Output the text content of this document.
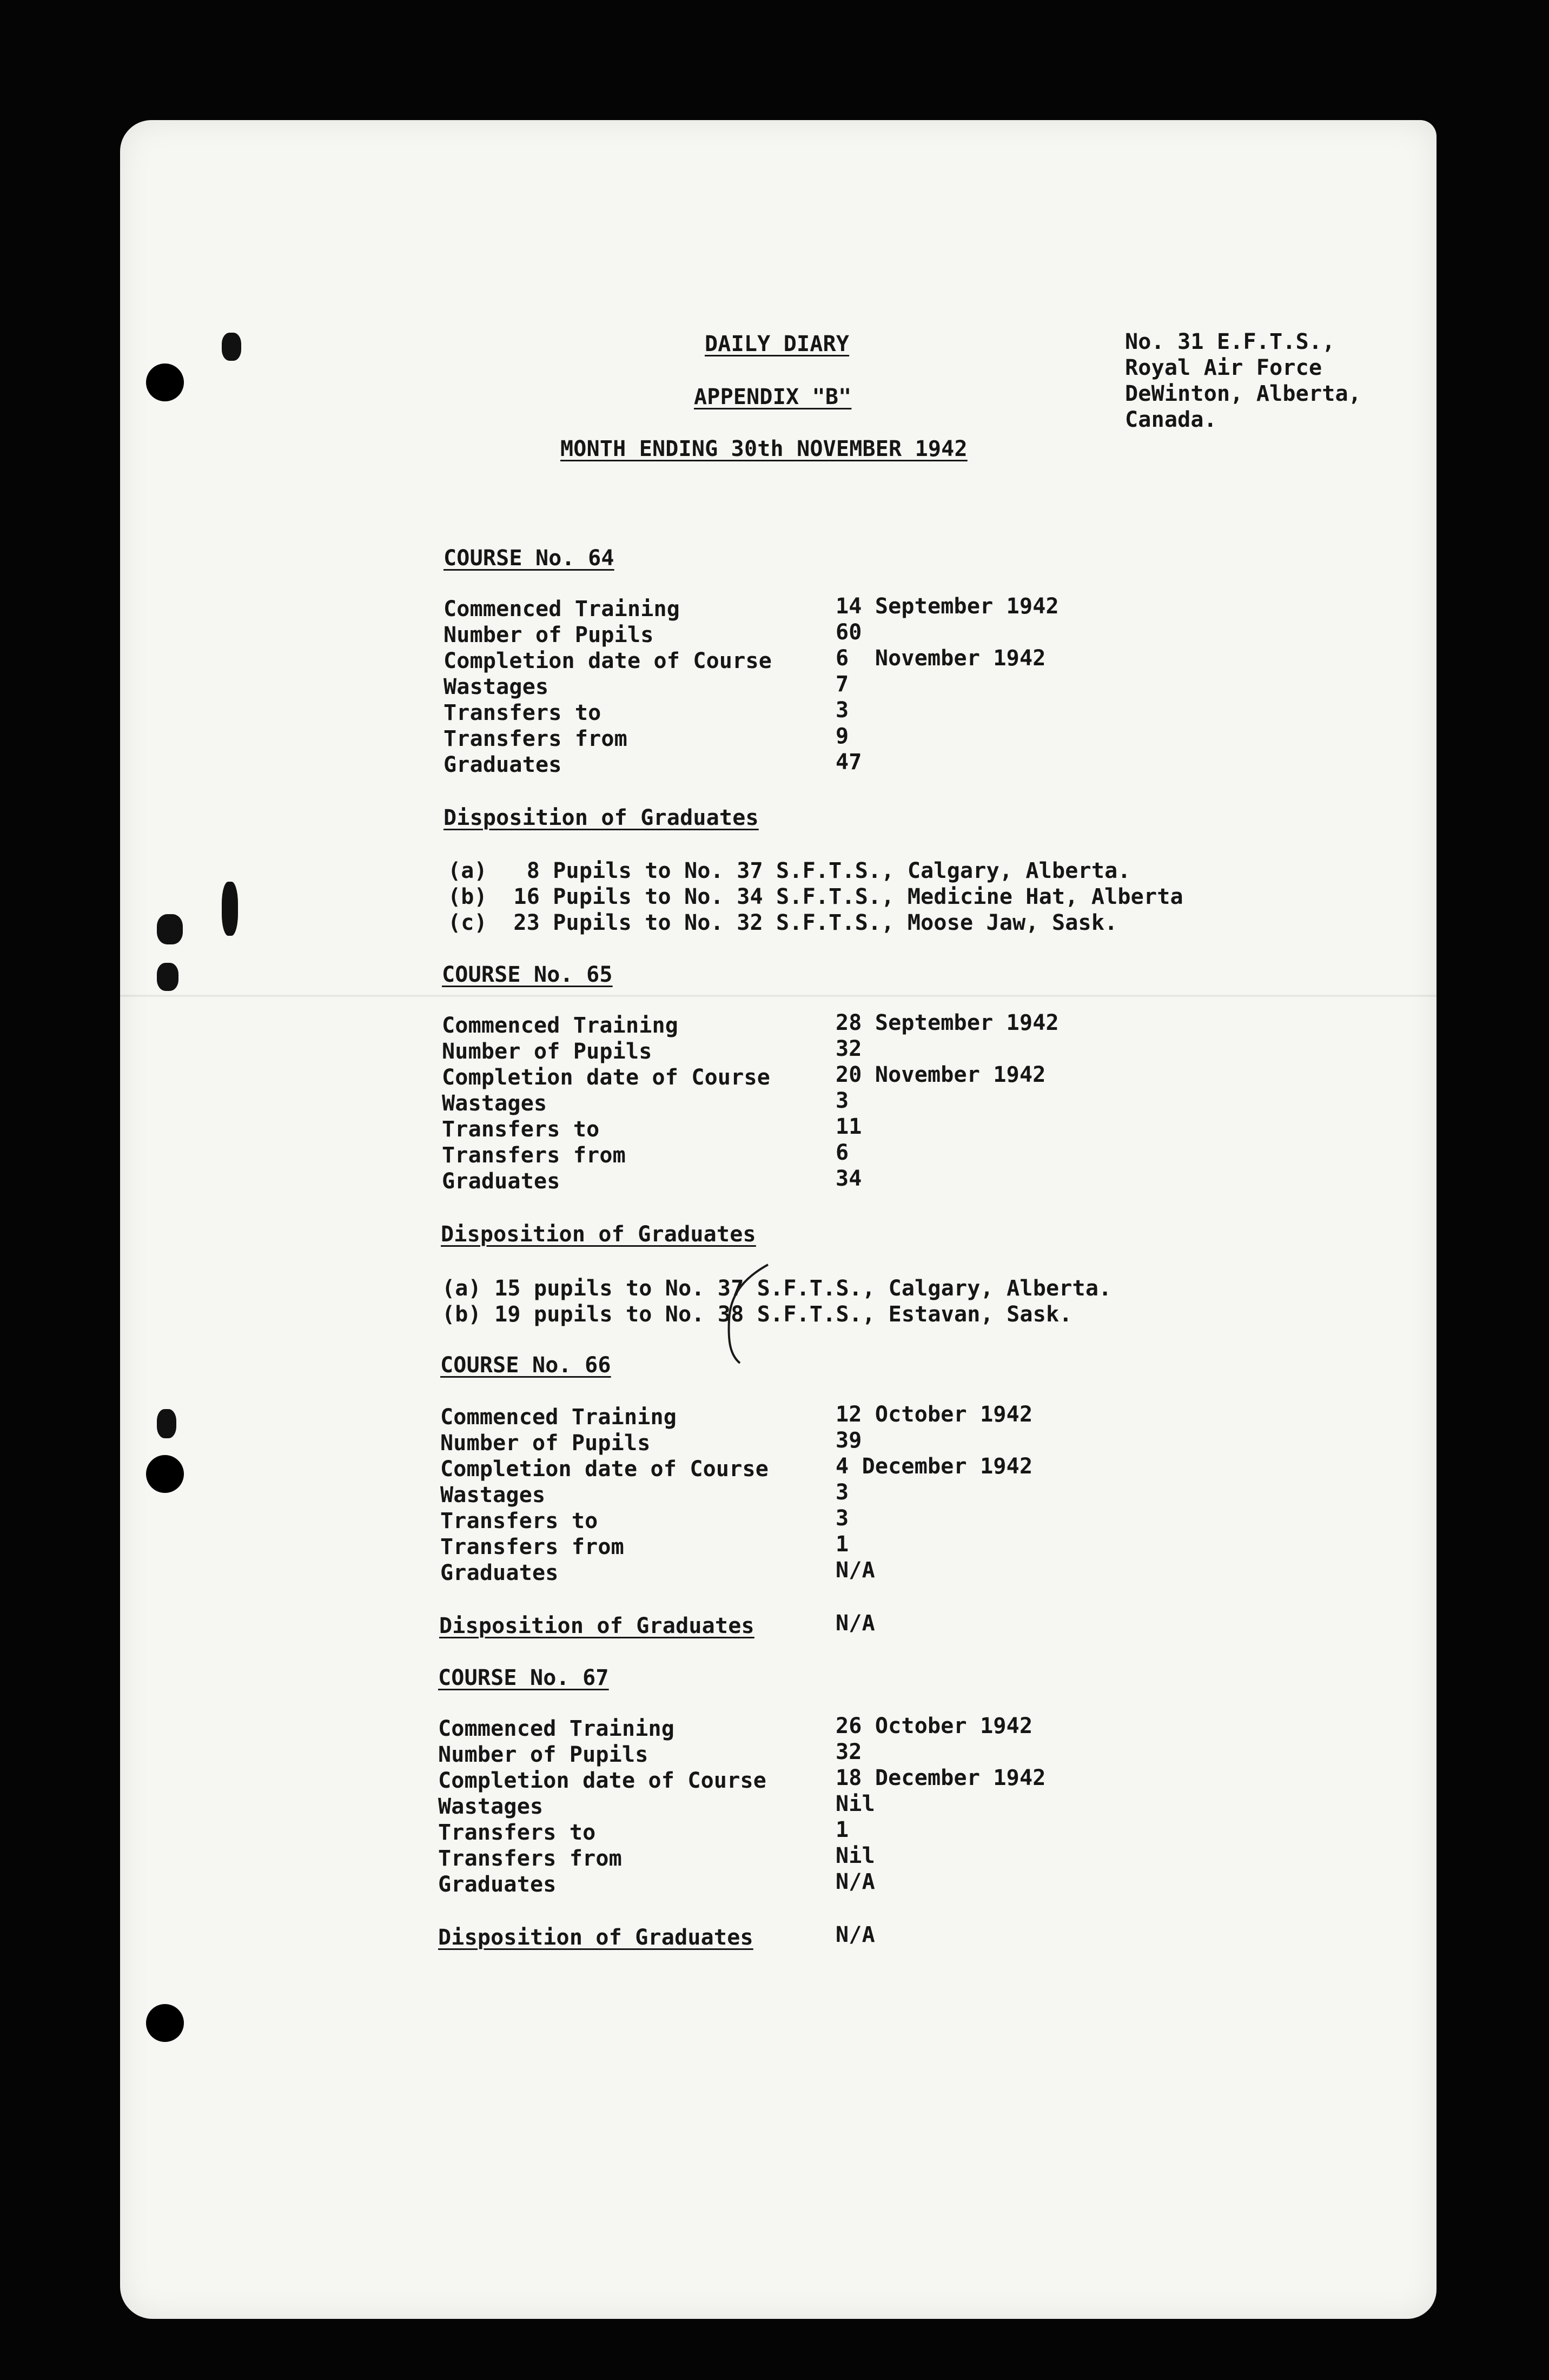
DAILY DIARY
APPENDIX "B"
MONTH ENDING 30th NOVEMBER 1942
No. 31 E.F.T.S.,
Royal Air Force
DeWinton, Alberta,
Canada.
COURSE No. 64
Commenced Training
Number of Pupils
Completion date of Course
Wastages
Transfers to
Transfers from
Graduates
14 September 1942
60
6  November 1942
7
3
9
47
Disposition of Graduates
(a)   8 Pupils to No. 37 S.F.T.S., Calgary, Alberta.
(b)  16 Pupils to No. 34 S.F.T.S., Medicine Hat, Alberta
(c)  23 Pupils to No. 32 S.F.T.S., Moose Jaw, Sask.
COURSE No. 65
Commenced Training
Number of Pupils
Completion date of Course
Wastages
Transfers to
Transfers from
Graduates
28 September 1942
32
20 November 1942
3
11
6
34
Disposition of Graduates
(a) 15 pupils to No. 37 S.F.T.S., Calgary, Alberta.
(b) 19 pupils to No. 38 S.F.T.S., Estavan, Sask.
COURSE No. 66
Commenced Training
Number of Pupils
Completion date of Course
Wastages
Transfers to
Transfers from
Graduates
12 October 1942
39
4 December 1942
3
3
1
N/A
Disposition of Graduates	N/A
COURSE No. 67
Commenced Training
Number of Pupils
Completion date of Course
Wastages
Transfers to
Transfers from
Graduates
26 October 1942
32
18 December 1942
Nil
1
Nil
N/A
Disposition of Graduates	N/A
